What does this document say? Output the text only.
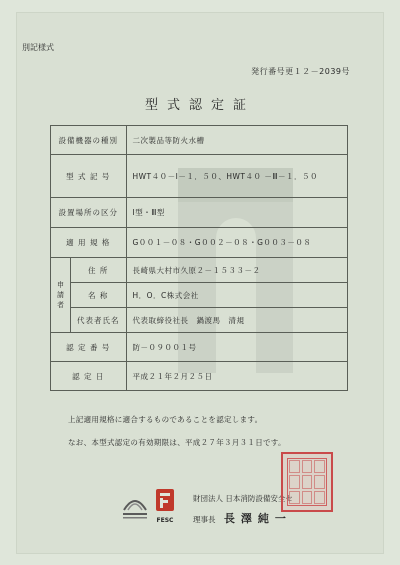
別記様式
発行番号更１２－2039号
型式認定証
設備機器の種別		二次製品等防火水槽
型 式 記 号		HWT４０－Ⅰ－１．５０、HWT４０ －Ⅲ－１．５０
設置場所の区分		Ⅰ型・Ⅲ型
適 用 規 格		G００１－０８・G００２－０８・G００３－０８
申請者	住 所	長崎県大村市久原２－１５３３－２
	名 称	H．O．C株式会社
	代表者氏名	代表取締役社長　鍋渡馬　清規
認 定 番 号		防－０９００１号
認 定 日		平成２１年２月２５日
上記適用規格に適合するものであることを認定します。
なお、本型式認定の有効期限は、平成２７年３月３１日です。
FESC
財団法人 日本消防設備安全セ
理事長 長澤純一
